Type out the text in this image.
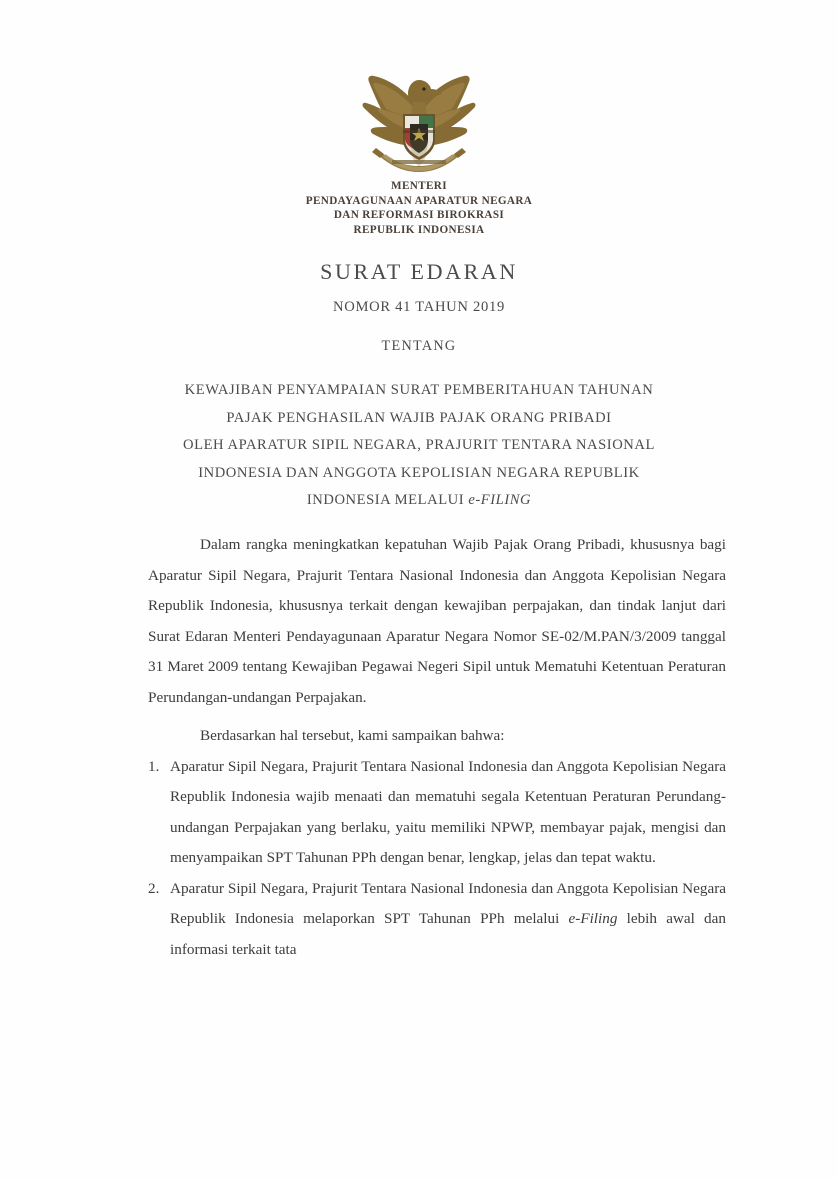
MENTERI
PENDAYAGUNAAN APARATUR NEGARA
DAN REFORMASI BIROKRASI
REPUBLIK INDONESIA
SURAT EDARAN
NOMOR 41 TAHUN 2019
TENTANG
KEWAJIBAN PENYAMPAIAN SURAT PEMBERITAHUAN TAHUNAN
PAJAK PENGHASILAN WAJIB PAJAK ORANG PRIBADI
OLEH APARATUR SIPIL NEGARA, PRAJURIT TENTARA NASIONAL
INDONESIA DAN ANGGOTA KEPOLISIAN NEGARA REPUBLIK
INDONESIA MELALUI e-FILING

Dalam rangka meningkatkan kepatuhan Wajib Pajak Orang Pribadi, khususnya bagi Aparatur Sipil Negara, Prajurit Tentara Nasional Indonesia dan Anggota Kepolisian Negara Republik Indonesia, khususnya terkait dengan kewajiban perpajakan, dan tindak lanjut dari Surat Edaran Menteri Pendayagunaan Aparatur Negara Nomor SE-02/M.PAN/3/2009 tanggal 31 Maret 2009 tentang Kewajiban Pegawai Negeri Sipil untuk Mematuhi Ketentuan Peraturan Perundangan-undangan Perpajakan.

Berdasarkan hal tersebut, kami sampaikan bahwa:

1. Aparatur Sipil Negara, Prajurit Tentara Nasional Indonesia dan Anggota Kepolisian Negara Republik Indonesia wajib menaati dan mematuhi segala Ketentuan Peraturan Perundang-undangan Perpajakan yang berlaku, yaitu memiliki NPWP, membayar pajak, mengisi dan menyampaikan SPT Tahunan PPh dengan benar, lengkap, jelas dan tepat waktu.
2. Aparatur Sipil Negara, Prajurit Tentara Nasional Indonesia dan Anggota Kepolisian Negara Republik Indonesia melaporkan SPT Tahunan PPh melalui e-Filing lebih awal dan informasi terkait tata
